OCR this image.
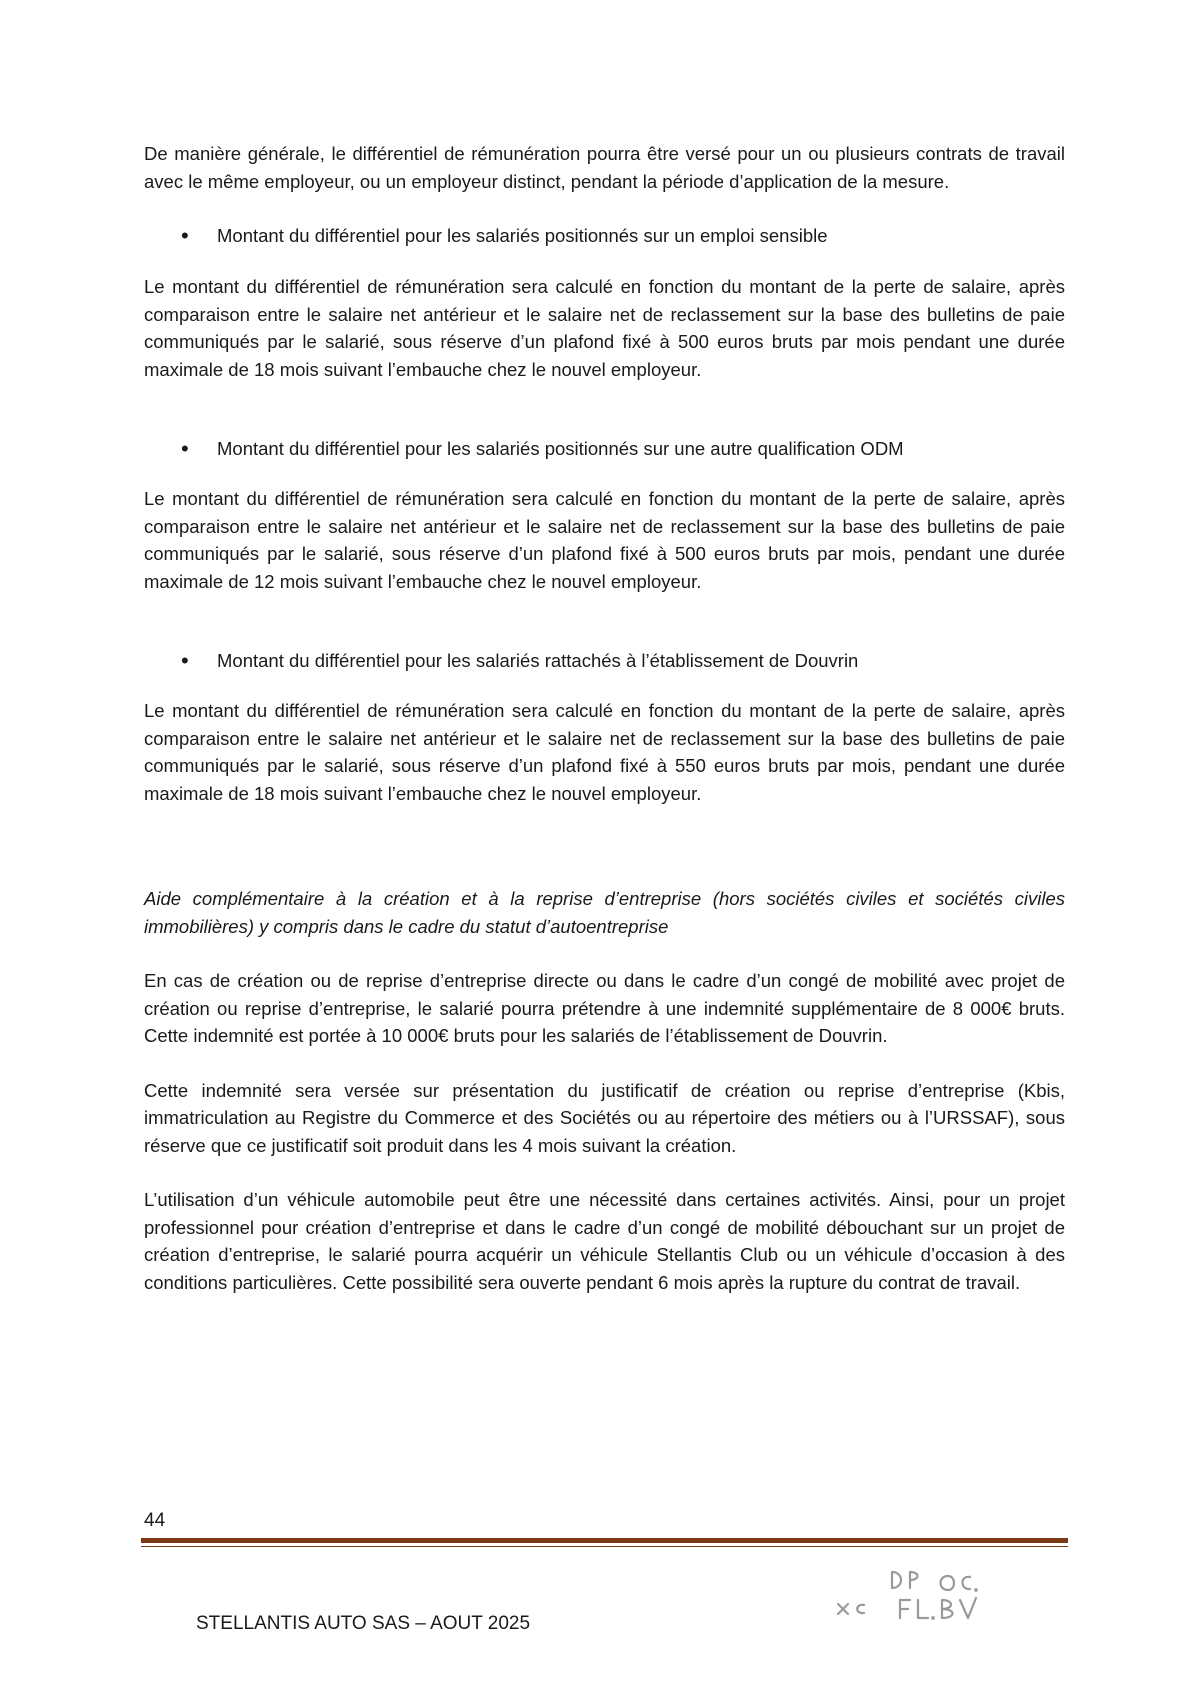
De manière générale, le différentiel de rémunération pourra être versé pour un ou plusieurs contrats de travail avec le même employeur, ou un employeur distinct, pendant la période d’application de la mesure.

• Montant du différentiel pour les salariés positionnés sur un emploi sensible

Le montant du différentiel de rémunération sera calculé en fonction du montant de la perte de salaire, après comparaison entre le salaire net antérieur et le salaire net de reclassement sur la base des bulletins de paie communiqués par le salarié, sous réserve d’un plafond fixé à 500 euros bruts par mois pendant une durée maximale de 18 mois suivant l’embauche chez le nouvel employeur.

• Montant du différentiel pour les salariés positionnés sur une autre qualification ODM

Le montant du différentiel de rémunération sera calculé en fonction du montant de la perte de salaire, après comparaison entre le salaire net antérieur et le salaire net de reclassement sur la base des bulletins de paie communiqués par le salarié, sous réserve d’un plafond fixé à 500 euros bruts par mois, pendant une durée maximale de 12 mois suivant l’embauche chez le nouvel employeur.

• Montant du différentiel pour les salariés rattachés à l’établissement de Douvrin

Le montant du différentiel de rémunération sera calculé en fonction du montant de la perte de salaire, après comparaison entre le salaire net antérieur et le salaire net de reclassement sur la base des bulletins de paie communiqués par le salarié, sous réserve d’un plafond fixé à 550 euros bruts par mois, pendant une durée maximale de 18 mois suivant l’embauche chez le nouvel employeur.

Aide complémentaire à la création et à la reprise d’entreprise (hors sociétés civiles et sociétés civiles immobilières) y compris dans le cadre du statut d’autoentreprise

En cas de création ou de reprise d’entreprise directe ou dans le cadre d’un congé de mobilité avec projet de création ou reprise d’entreprise, le salarié pourra prétendre à une indemnité supplémentaire de 8 000€ bruts. Cette indemnité est portée à 10 000€ bruts pour les salariés de l’établissement de Douvrin.

Cette indemnité sera versée sur présentation du justificatif de création ou reprise d’entreprise (Kbis, immatriculation au Registre du Commerce et des Sociétés ou au répertoire des métiers ou à l’URSSAF), sous réserve que ce justificatif soit produit dans les 4 mois suivant la création.

L’utilisation d’un véhicule automobile peut être une nécessité dans certaines activités. Ainsi, pour un projet professionnel pour création d’entreprise et dans le cadre d’un congé de mobilité débouchant sur un projet de création d’entreprise, le salarié pourra acquérir un véhicule Stellantis Club ou un véhicule d’occasion à des conditions particulières. Cette possibilité sera ouverte pendant 6 mois après la rupture du contrat de travail.

44
STELLANTIS AUTO SAS – AOUT 2025
